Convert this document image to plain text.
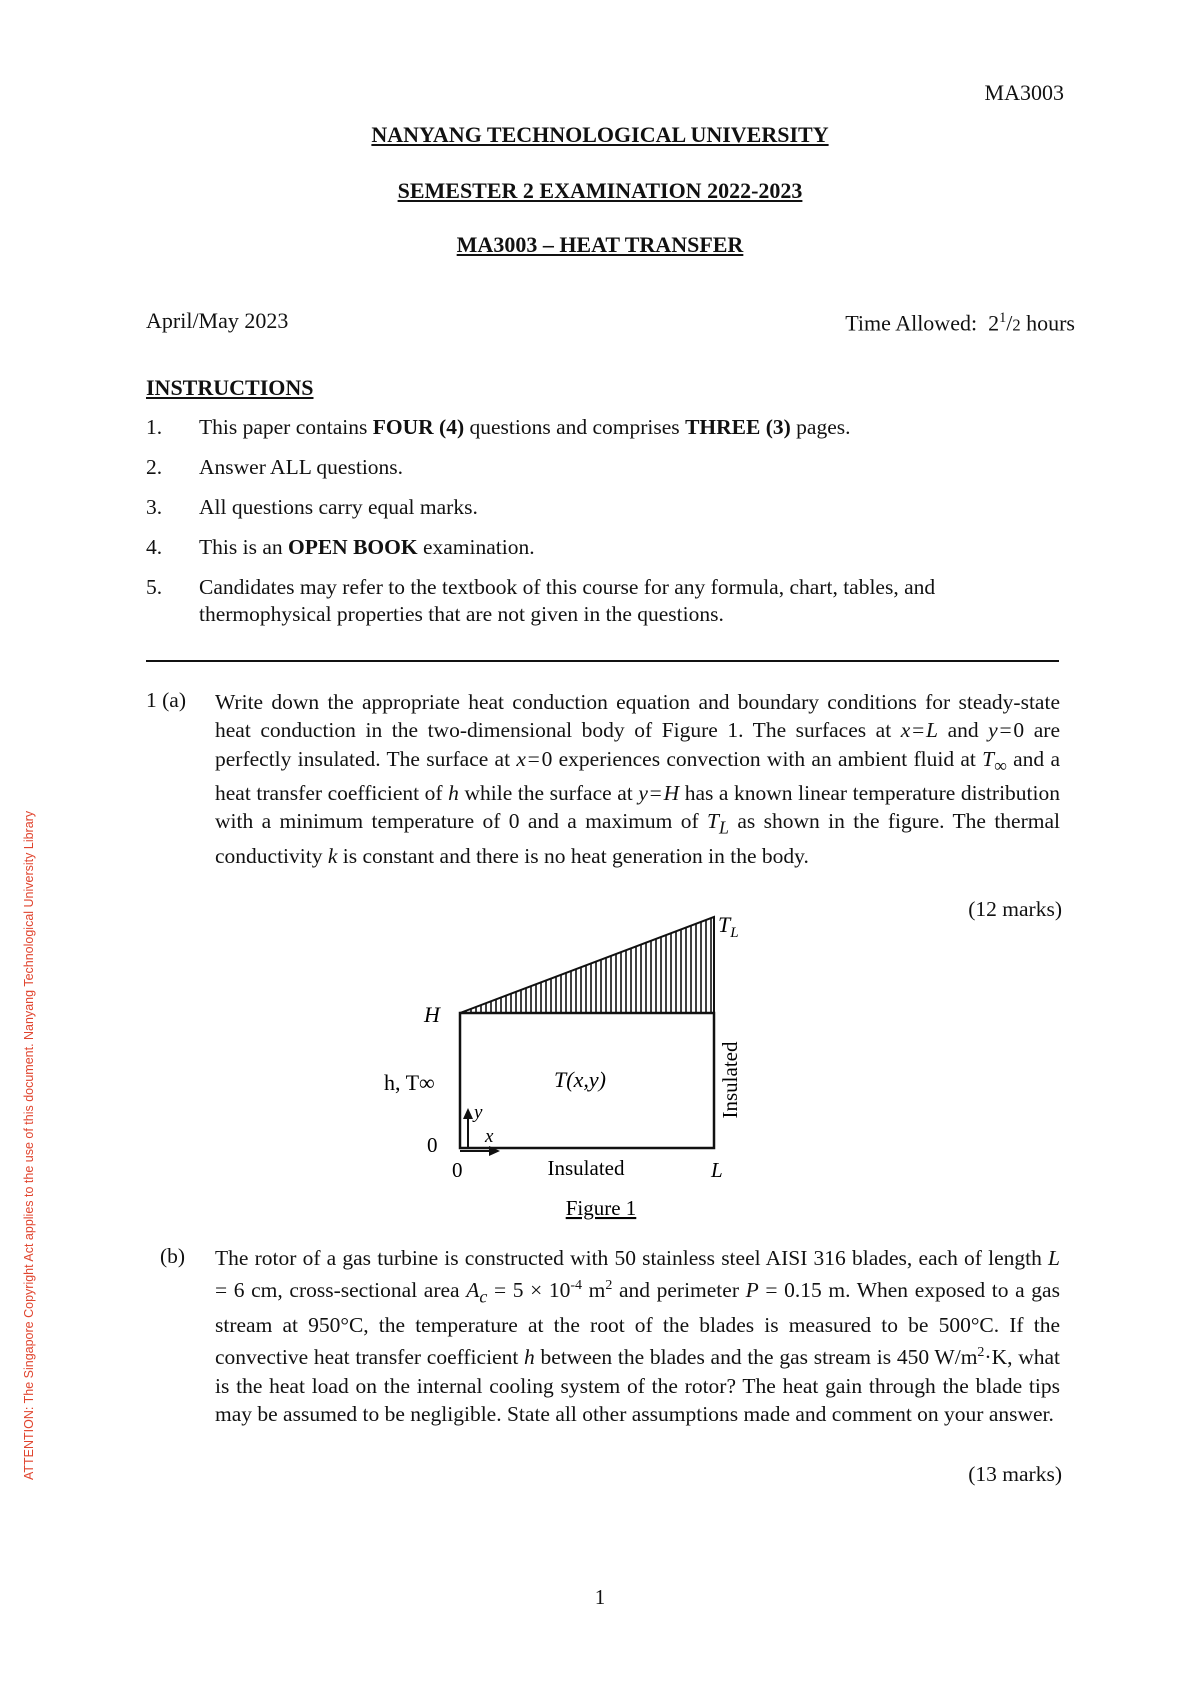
MA3003
NANYANG TECHNOLOGICAL UNIVERSITY
SEMESTER 2 EXAMINATION 2022-2023
MA3003 – HEAT TRANSFER
April/May 2023	Time Allowed: $2^1/2$ hours
INSTRUCTIONS
1.	This paper contains FOUR (4) questions and comprises THREE (3) pages.
2.	Answer ALL questions.
3.	All questions carry equal marks.
4.	This is an OPEN BOOK examination.
5.	Candidates may refer to the textbook of this course for any formula, chart, tables, and thermophysical properties that are not given in the questions.
1 (a) Write down the appropriate heat conduction equation and boundary conditions for steady-state heat conduction in the two-dimensional body of Figure 1. The surfaces at x = L and y = 0 are perfectly insulated. The surface at x = 0 experiences convection with an ambient fluid at $T_\infty$ and a heat transfer coefficient of h while the surface at y = H has a known linear temperature distribution with a minimum temperature of 0 and a maximum of $T_L$ as shown in the figure. The thermal conductivity k is constant and there is no heat generation in the body.
(12 marks)
$T_L$
H
h, T∞
0
0
T(x,y)
y
x
Insulated	L
Insulated
Figure 1
(b) The rotor of a gas turbine is constructed with 50 stainless steel AISI 316 blades, each of length L = 6 cm, cross-sectional area $A_c = 5 \times 10^{-4}$ $m^2$ and perimeter P = 0.15 m. When exposed to a gas stream at 950°C, the temperature at the root of the blades is measured to be 500°C. If the convective heat transfer coefficient h between the blades and the gas stream is 450 $W/m^2\cdot K$, what is the heat load on the internal cooling system of the rotor? The heat gain through the blade tips may be assumed to be negligible. State all other assumptions made and comment on your answer.
(13 marks)
1
ATTENTION: The Singapore Copyright Act applies to the use of this document. Nanyang Technological University Library
